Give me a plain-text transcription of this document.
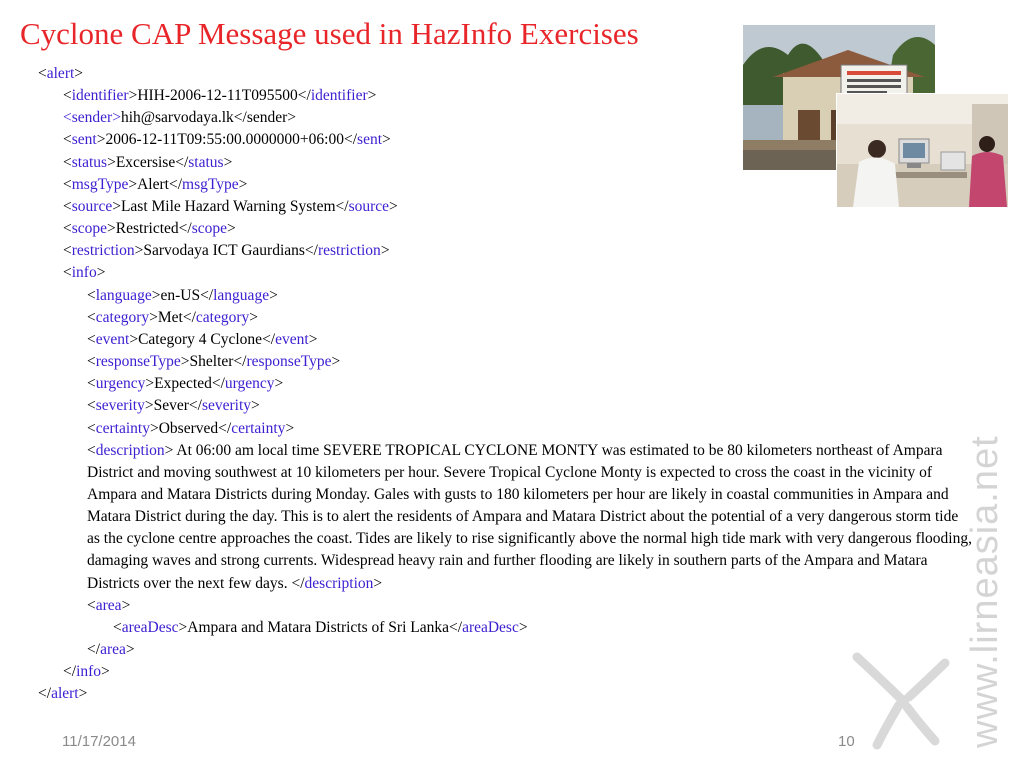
Cyclone CAP Message used in HazInfo Exercises
<alert>
<identifier>HIH-2006-12-11T095500</identifier>
<sender>hih@sarvodaya.lk</sender>
<sent>2006-12-11T09:55:00.0000000+06:00</sent>
<status>Excersise</status>
<msgType>Alert</msgType>
<source>Last Mile Hazard Warning System</source>
<scope>Restricted</scope>
<restriction>Sarvodaya ICT Gaurdians</restriction>
<info>
<language>en-US</language>
<category>Met</category>
<event>Category 4 Cyclone</event>
<responseType>Shelter</responseType>
<urgency>Expected</urgency>
<severity>Sever</severity>
<certainty>Observed</certainty>
<description> At 06:00 am local time SEVERE TROPICAL CYCLONE MONTY was estimated to be 80 kilometers northeast of Ampara District and moving southwest at 10 kilometers per hour. Severe Tropical Cyclone Monty is expected to cross the coast in the vicinity of Ampara and Matara Districts during Monday. Gales with gusts to 180 kilometers per hour are likely in coastal communities in Ampara and Matara District during the day. This is to alert the residents of Ampara and Matara District about the potential of a very dangerous storm tide as the cyclone centre approaches the coast. Tides are likely to rise significantly above the normal high tide mark with very dangerous flooding, damaging waves and strong currents. Widespread heavy rain and further flooding are likely in southern parts of the Ampara and Matara Districts over the next few days. </description>
<area>
<areaDesc>Ampara and Matara Districts of Sri Lanka</areaDesc>
</area>
</info>
</alert>
11/17/2014	10	www.lirneasia.net
